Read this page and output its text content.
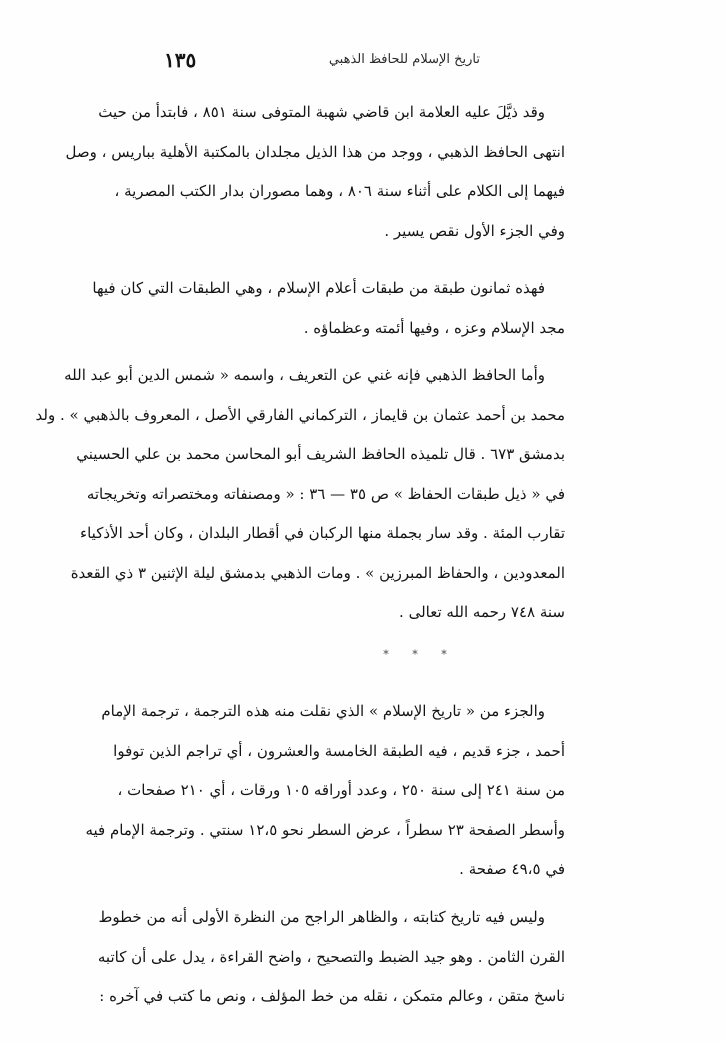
تاريخ الإسلام للحافظ الذهبي
١٣٥
وقد ذيَّلَ عليه العلامة ابن قاضي شهبة المتوفى سنة ٨٥١ ، فابتدأ من حيث
انتهى الحافظ الذهبي ، ووجد من هذا الذيل مجلدان بالمكتبة الأهلية بباريس ، وصل
فيهما إلى الكلام على أثناء سنة ٨٠٦ ، وهما مصوران بدار الكتب المصرية ،
وفي الجزء الأول نقص يسير .
فهذه ثمانون طبقة من طبقات أعلام الإسلام ، وهي الطبقات التي كان فيها
مجد الإسلام وعزه ، وفيها أئمته وعظماؤه .
وأما الحافظ الذهبي فإنه غني عن التعريف ، واسمه « شمس الدين أبو عبد الله
محمد بن أحمد عثمان بن قايماز ، التركماني الفارقي الأصل ، المعروف بالذهبي » . ولد
بدمشق ٦٧٣ . قال تلميذه الحافظ الشريف أبو المحاسن محمد بن علي الحسيني
في « ذيل طبقات الحفاظ » ص ٣٥ — ٣٦ : « ومصنفاته ومختصراته وتخريجاته
تقارب المئة . وقد سار بجملة منها الركبان في أقطار البلدان ، وكان أحد الأذكياء
المعدودين ، والحفاظ المبرزين » . ومات الذهبي بدمشق ليلة الإثنين ٣ ذي القعدة
سنة ٧٤٨ رحمه الله تعالى .
* * *
والجزء من « تاريخ الإسلام » الذي نقلت منه هذه الترجمة ، ترجمة الإمام
أحمد ، جزء قديم ، فيه الطبقة الخامسة والعشرون ، أي تراجم الذين توفوا
من سنة ٢٤١ إلى سنة ٢٥٠ ، وعدد أوراقه ١٠٥ ورقات ، أي ٢١٠ صفحات ،
وأسطر الصفحة ٢٣ سطراً ، عرض السطر نحو ١٢،٥ سنتي . وترجمة الإمام فيه
في ٤٩،٥ صفحة .
وليس فيه تاريخ كتابته ، والظاهر الراجح من النظرة الأولى أنه من خطوط
القرن الثامن . وهو جيد الضبط والتصحيح ، واضح القراءة ، يدل على أن كاتبه
ناسخ متقن ، وعالم متمكن ، نقله من خط المؤلف ، ونص ما كتب في آخره :
